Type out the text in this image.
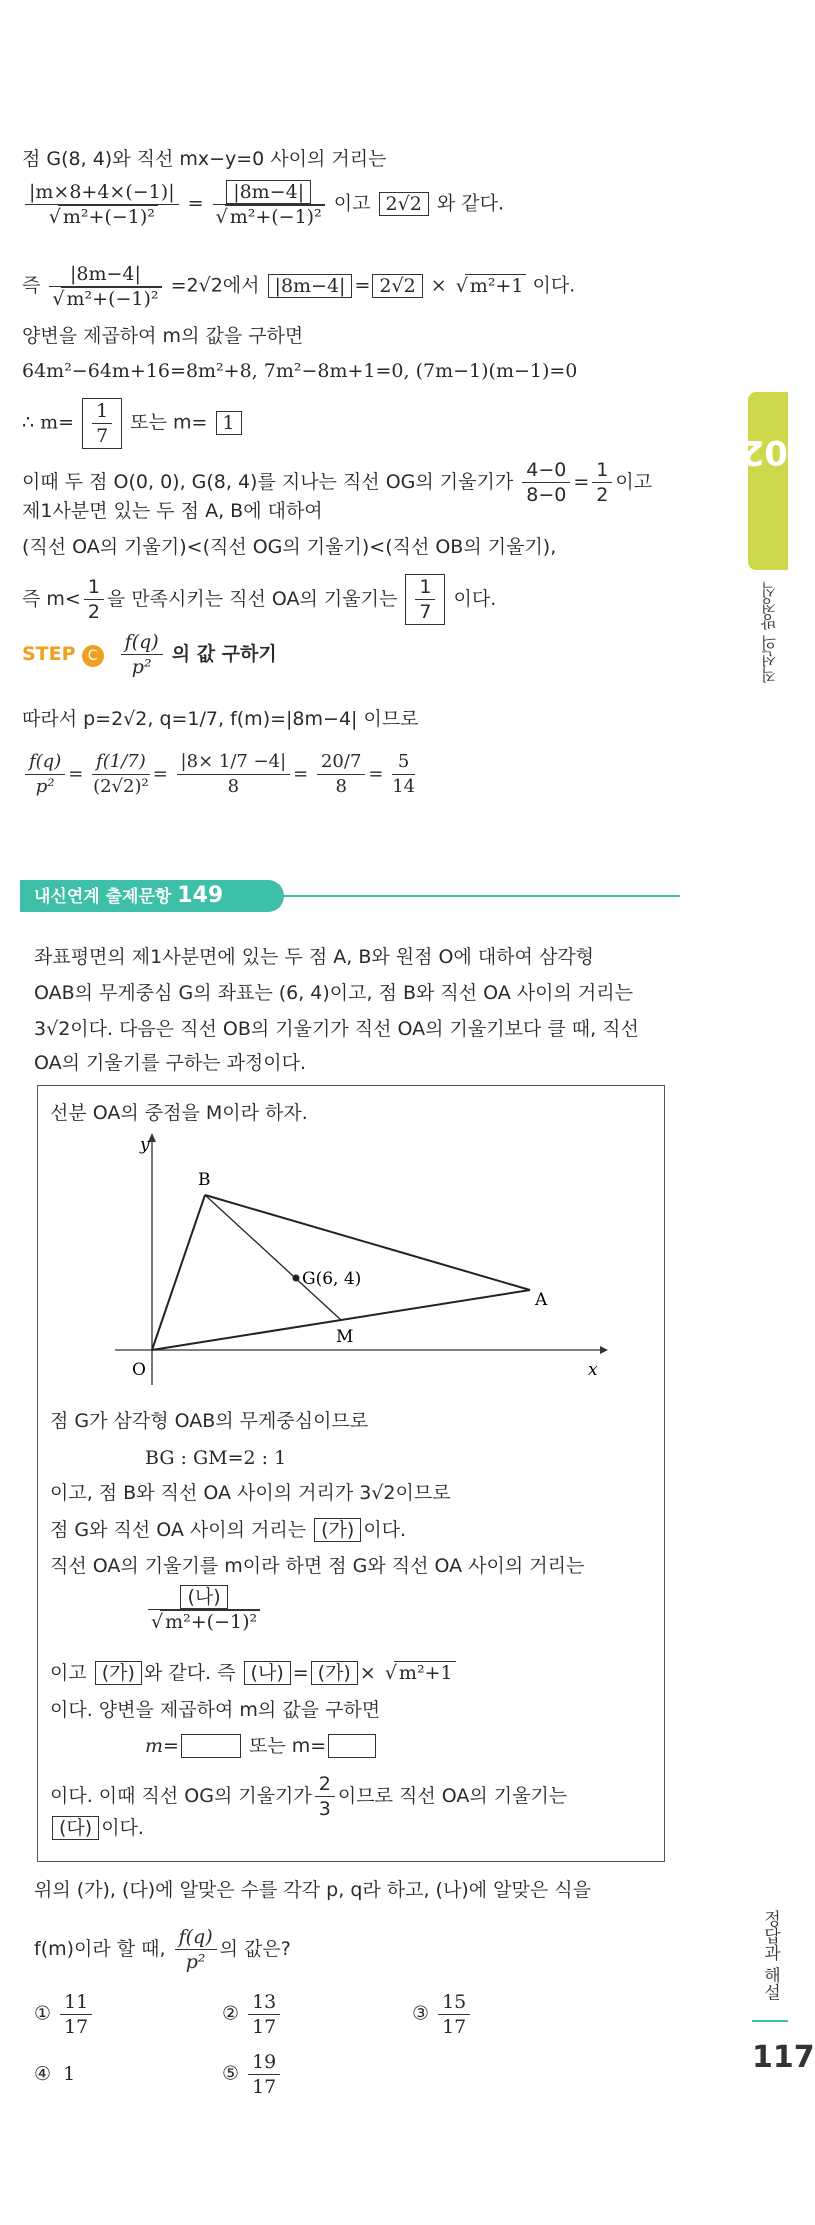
점 G(8, 4)와 직선 mx−y=0 사이의 거리는
|m×8+4×(−1)|
√ m²+(−1)² = |8m−4|
√ m²+(−1)² 이고 2√2 와 같다.
즉 |8m−4|
√ m²+(−1)² =2√2에서 |8m−4| = 2√2 × √ m²+1 이다.
양변을 제곱하여 m의 값을 구하면
64m²−64m+16=8m²+8, 7m²−8m+1=0, (7m−1)(m−1)=0
∴ $m= \frac{1}{7}$ 또는 m= 1
이때 두 점 O(0, 0), G(8, 4)를 지나는 직선 OG의 기울기가 $\frac{4-0}{8-0} = \frac{1}{2}$ 이고
제1사분면 있는 두 점 A, B에 대하여
(직선 OA의 기울기)<(직선 OG의 기울기)<(직선 OB의 기울기),
즉 $m< \frac{1}{2}$ 을 만족시키는 직선 OA의 기울기는 $\frac{1}{7}$ 이다.
STEP C $\frac{f(q)}{\text{p²}}$ 의 값 구하기
따라서 p=2√2, q=1/7, f(m)=|8m−4| 이므로
$\frac{f(q)}{\text{p²}} = \frac{f(1/7)}{\text{(2√2)²}} = \frac{|8\times 1/7 -4|}{8} = \frac{20/7}{8} = \frac{5}{14}$
내신연계 출제문항 149
좌표평면의 제1사분면에 있는 두 점 A, B와 원점 O에 대하여 삼각형
OAB의 무게중심 G의 좌표는 (6, 4)이고, 점 B와 직선 OA 사이의 거리는
3√2이다. 다음은 직선 OB의 기울기가 직선 OA의 기울기보다 클 때, 직선
OA의 기울기를 구하는 과정이다.
선분 OA의 중점을 M이라 하자.
y
x
O
B
A
G(6, 4)
M
점 G가 삼각형 OAB의 무게중심이므로
BG : GM=2 : 1
이고, 점 B와 직선 OA 사이의 거리가 3√2이므로
점 G와 직선 OA 사이의 거리는 (가) 이다.
직선 OA의 기울기를 m이라 하면 점 G와 직선 OA 사이의 거리는
(나)
√ m²+(−1)²
이고 (가) 와 같다. 즉 (나) = (가) × √ m²+1
이다. 양변을 제곱하여 m의 값을 구하면
m=	또는 m=
이다. 이때 직선 OG의 기울기가 $\frac{2}{3}$ 이므로 직선 OA의 기울기는
(다) 이다.
위의 (가), (다)에 알맞은 수를 각각 p, q라 하고, (나)에 알맞은 식을
f(m)이라 할 때, $\frac{f(q)}{\text{p²}}$ 의 값은?
① $\frac{11}{17}$	② $\frac{13}{17}$	③ $\frac{15}{17}$
④ 1	⑤ $\frac{19}{17}$
02
직선의 방정식
정답과 해설
117
